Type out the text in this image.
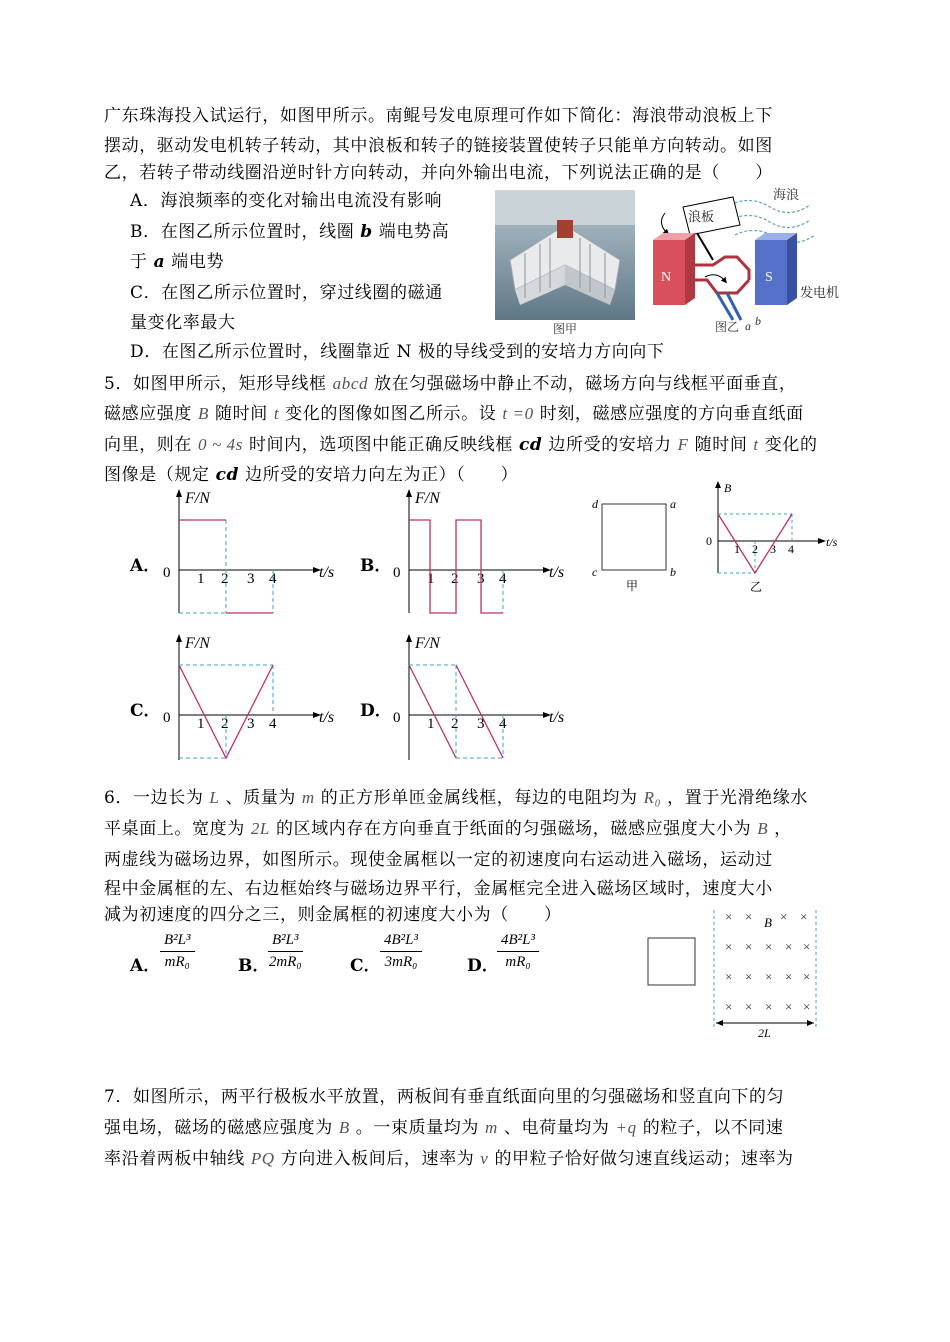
广东珠海投入试运行，如图甲所示。南鲲号发电原理可作如下简化：海浪带动浪板上下
摆动，驱动发电机转子转动，其中浪板和转子的链接装置使转子只能单方向转动。如图
乙，若转子带动线圈沿逆时针方向转动，并向外输出电流，下列说法正确的是（　　）
A．海浪频率的变化对输出电流没有影响
B．在图乙所示位置时，线圈 b 端电势高
于 a 端电势
C．在图乙所示位置时，穿过线圈的磁通
量变化率最大
D．在图乙所示位置时，线圈靠近 N 极的导线受到的安培力方向向下
图甲
海浪
浪板
N	S
发电机
图乙 a b
5．如图甲所示，矩形导线框 abcd 放在匀强磁场中静止不动，磁场方向与线框平面垂直，
磁感应强度 B 随时间 t 变化的图像如图乙所示。设 t =0 时刻，磁感应强度的方向垂直纸面
向里，则在 0 ~ 4s 时间内，选项图中能正确反映线框 cd 边所受的安培力 F 随时间 t 变化的
图像是（规定 cd 边所受的安培力向左为正）（　　）
A．	B．
C．	D．
F/N
t/s
0 1 2 3 4
F/N
t/s
0 1 2 3 4
d	a
c	b
甲
B
t/s
0
1 2 3 4
乙
F/N
t/s
0 1 2 3 4
F/N
t/s
0 1 2 3 4
6．一边长为 L 、质量为 m 的正方形单匝金属线框，每边的电阻均为 R₀ ，置于光滑绝缘水
平桌面上。宽度为 2L 的区域内存在方向垂直于纸面的匀强磁场，磁感应强度大小为 B ，
两虚线为磁场边界，如图所示。现使金属框以一定的初速度向右运动进入磁场，运动过
程中金属框的左、右边框始终与磁场边界平行，金属框完全进入磁场区域时，速度大小
减为初速度的四分之三，则金属框的初速度大小为（　　）
A． $\frac{\text{B²L³}}{\text{mR₀}}$	B．
$\frac{\text{B²L³}}{\text{2mR₀}}$	C． $\frac{\text{4B²L³}}{\text{3mR₀}}$	D．
$\frac{\text{4B²L³}}{\text{mR₀}}$
× × × ×
× × × × ×
× × × × ×
× × × × ×
B
2L
7．如图所示，两平行极板水平放置，两板间有垂直纸面向里的匀强磁场和竖直向下的匀
强电场，磁场的磁感应强度为 B 。一束质量均为 m 、电荷量均为 +q 的粒子，以不同速
率沿着两板中轴线 PQ 方向进入板间后，速率为 v 的甲粒子恰好做匀速直线运动；速率为
